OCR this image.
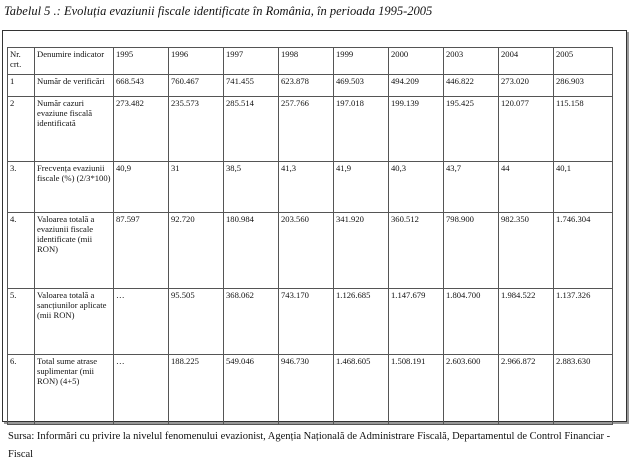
Tabelul 5 .: Evoluția evaziunii fiscale identificate în România, în perioada 1995-2005
Nr. crt.	Denumire indicator	1995	1996	1997	1998	1999	2000	2003	2004	2005
1	Număr de verificări	668.543	760.467	741.455	623.878	469.503	494.209	446.822	273.020	286.903
2	Număr cazuri evaziune fiscală identificată	273.482	235.573	285.514	257.766	197.018	199.139	195.425	120.077	115.158
3.	Frecvența evaziunii fiscale (%) (2/3*100)	40,9	31	38,5	41,3	41,9	40,3	43,7	44	40,1
4.	Valoarea totală a evaziunii fiscale identificate (mii RON)	87.597	92.720	180.984	203.560	341.920	360.512	798.900	982.350	1.746.304
5.	Valoarea totală a sancțiunilor aplicate (mii RON)	…	95.505	368.062	743.170	1.126.685	1.147.679	1.804.700	1.984.522	1.137.326
6.	Total sume atrase suplimentar (mii RON) (4+5)	…	188.225	549.046	946.730	1.468.605	1.508.191	2.603.600	2.966.872	2.883.630
Sursa: Informări cu privire la nivelul fenomenului evazionist, Agenția Națională de Administrare Fiscală, Departamentul de Control Financiar - Fiscal
